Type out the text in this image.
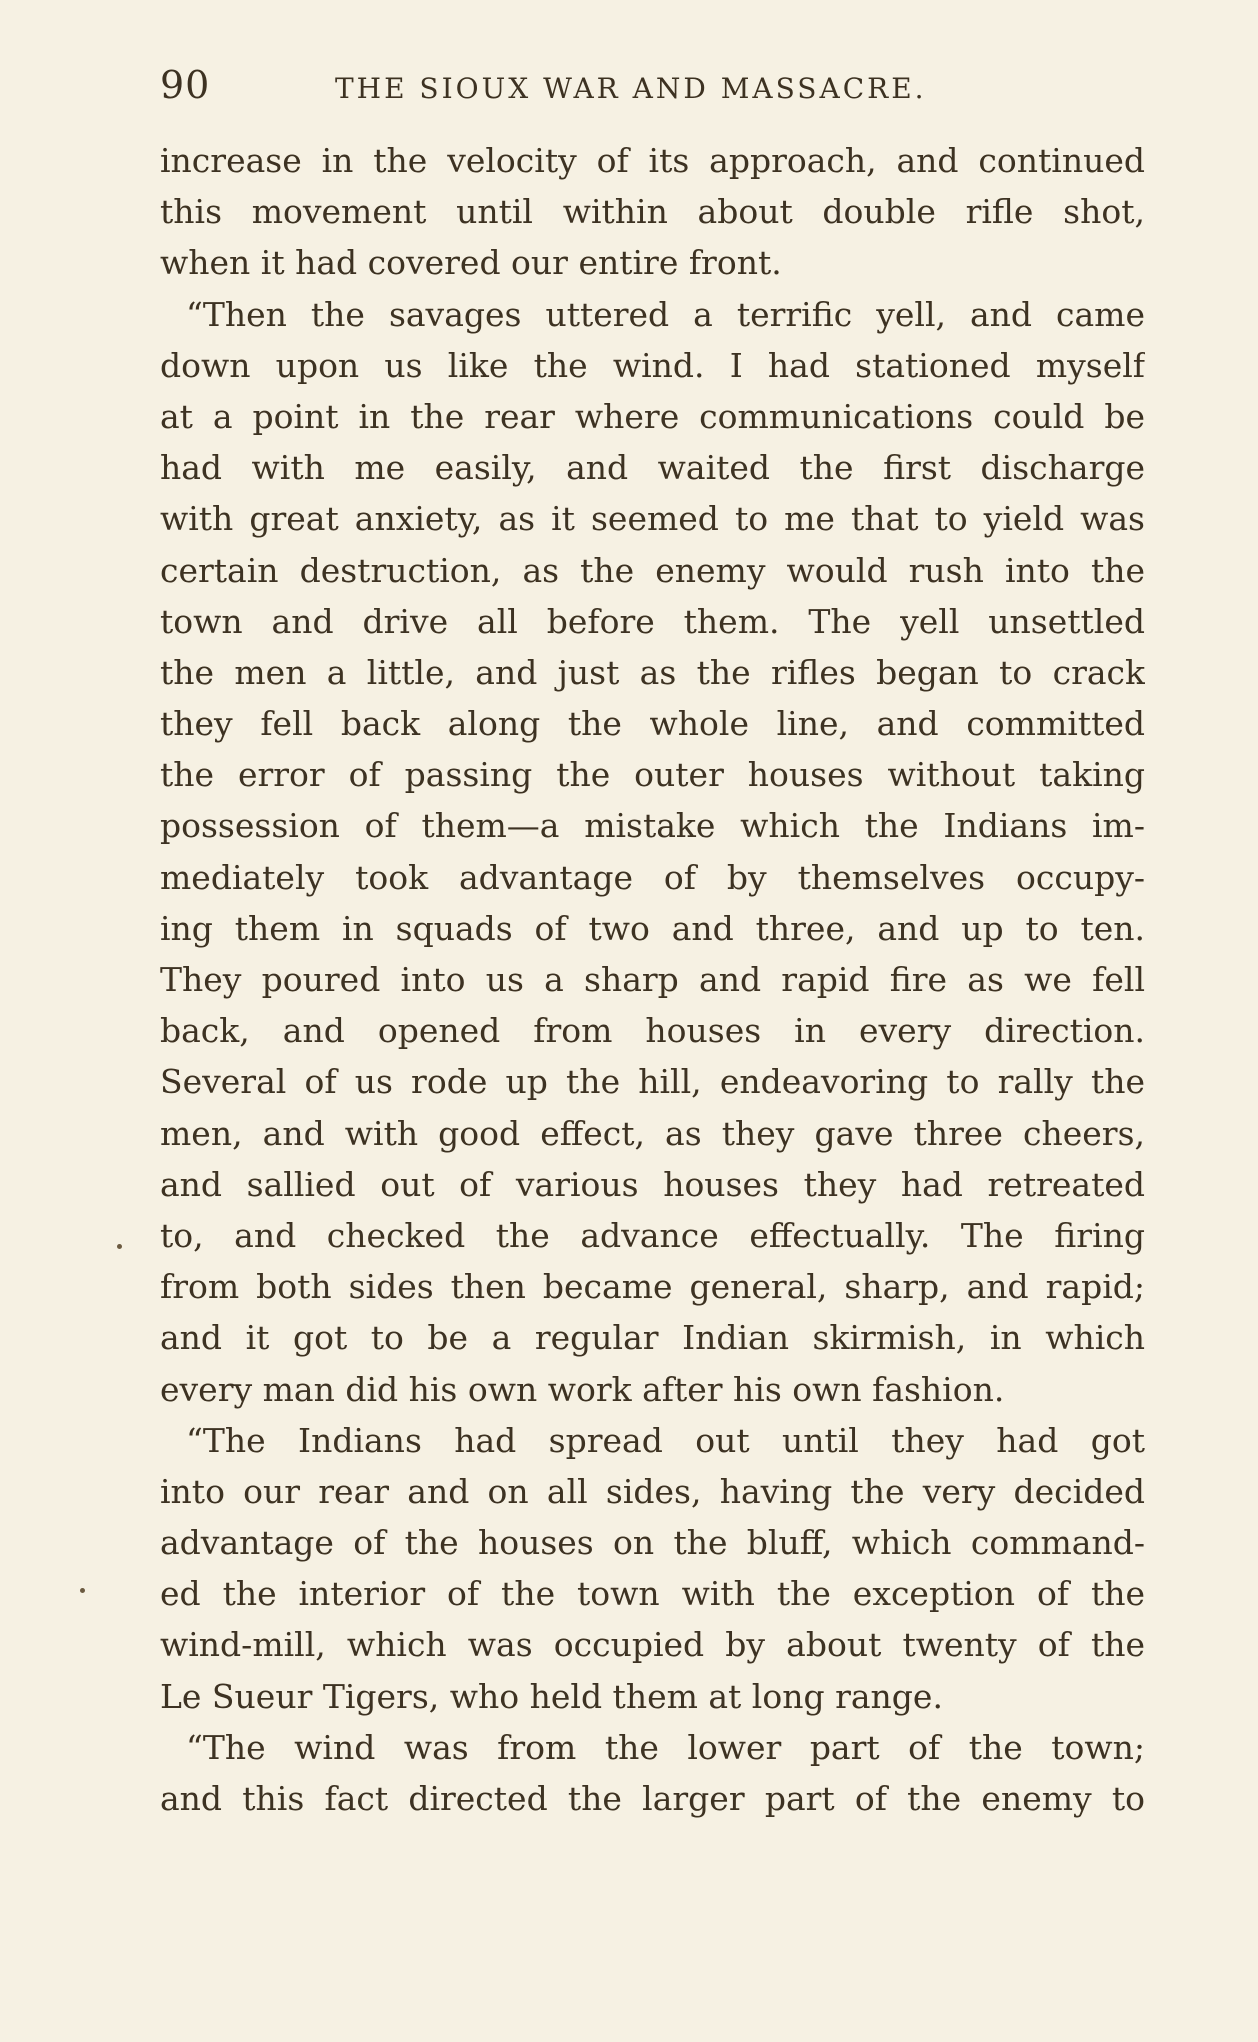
90	THE SIOUX WAR AND MASSACRE.
increase in the velocity of its approach, and continued
this movement until within about double rifle shot,
when it had covered our entire front.
“Then the savages uttered a terrific yell, and came
down upon us like the wind. I had stationed myself
at a point in the rear where communications could be
had with me easily, and waited the first discharge
with great anxiety, as it seemed to me that to yield was
certain destruction, as the enemy would rush into the
town and drive all before them. The yell unsettled
the men a little, and just as the rifles began to crack
they fell back along the whole line, and committed
the error of passing the outer houses without taking
possession of them—a mistake which the Indians im-
mediately took advantage of by themselves occupy-
ing them in squads of two and three, and up to ten.
They poured into us a sharp and rapid fire as we fell
back, and opened from houses in every direction.
Several of us rode up the hill, endeavoring to rally the
men, and with good effect, as they gave three cheers,
and sallied out of various houses they had retreated
to, and checked the advance effectually. The firing
from both sides then became general, sharp, and rapid;
and it got to be a regular Indian skirmish, in which
every man did his own work after his own fashion.
“The Indians had spread out until they had got
into our rear and on all sides, having the very decided
advantage of the houses on the bluff, which command-
ed the interior of the town with the exception of the
wind-mill, which was occupied by about twenty of the
Le Sueur Tigers, who held them at long range.
“The wind was from the lower part of the town;
and this fact directed the larger part of the enemy to
